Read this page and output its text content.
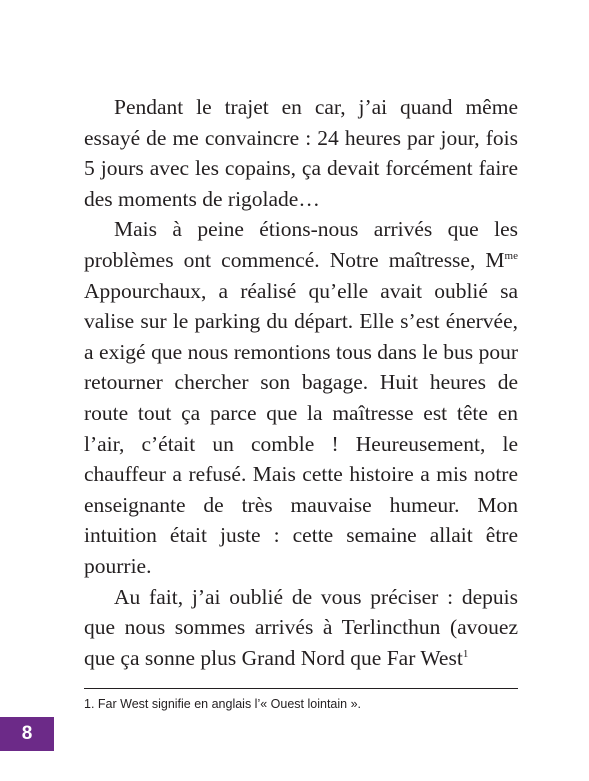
Pendant le trajet en car, j’ai quand même essayé de me convaincre : 24 heures par jour, fois 5 jours avec les copains, ça devait forcément faire des moments de rigolade…

Mais à peine étions-nous arrivés que les problèmes ont commencé. Notre maîtresse, $M^{me}$ Appourchaux, a réalisé qu’elle avait oublié sa valise sur le parking du départ. Elle s’est énervée, a exigé que nous remontions tous dans le bus pour retourner chercher son bagage. Huit heures de route tout ça parce que la maîtresse est tête en l’air, c’était un comble ! Heureusement, le chauffeur a refusé. Mais cette histoire a mis notre enseignante de très mauvaise humeur. Mon intuition était juste : cette semaine allait être pourrie.

Au fait, j’ai oublié de vous préciser : depuis que nous sommes arrivés à Terlincthun (avouez que ça sonne plus Grand Nord que Far West$^1$

1. Far West signifie en anglais l’« Ouest lointain ».
8
